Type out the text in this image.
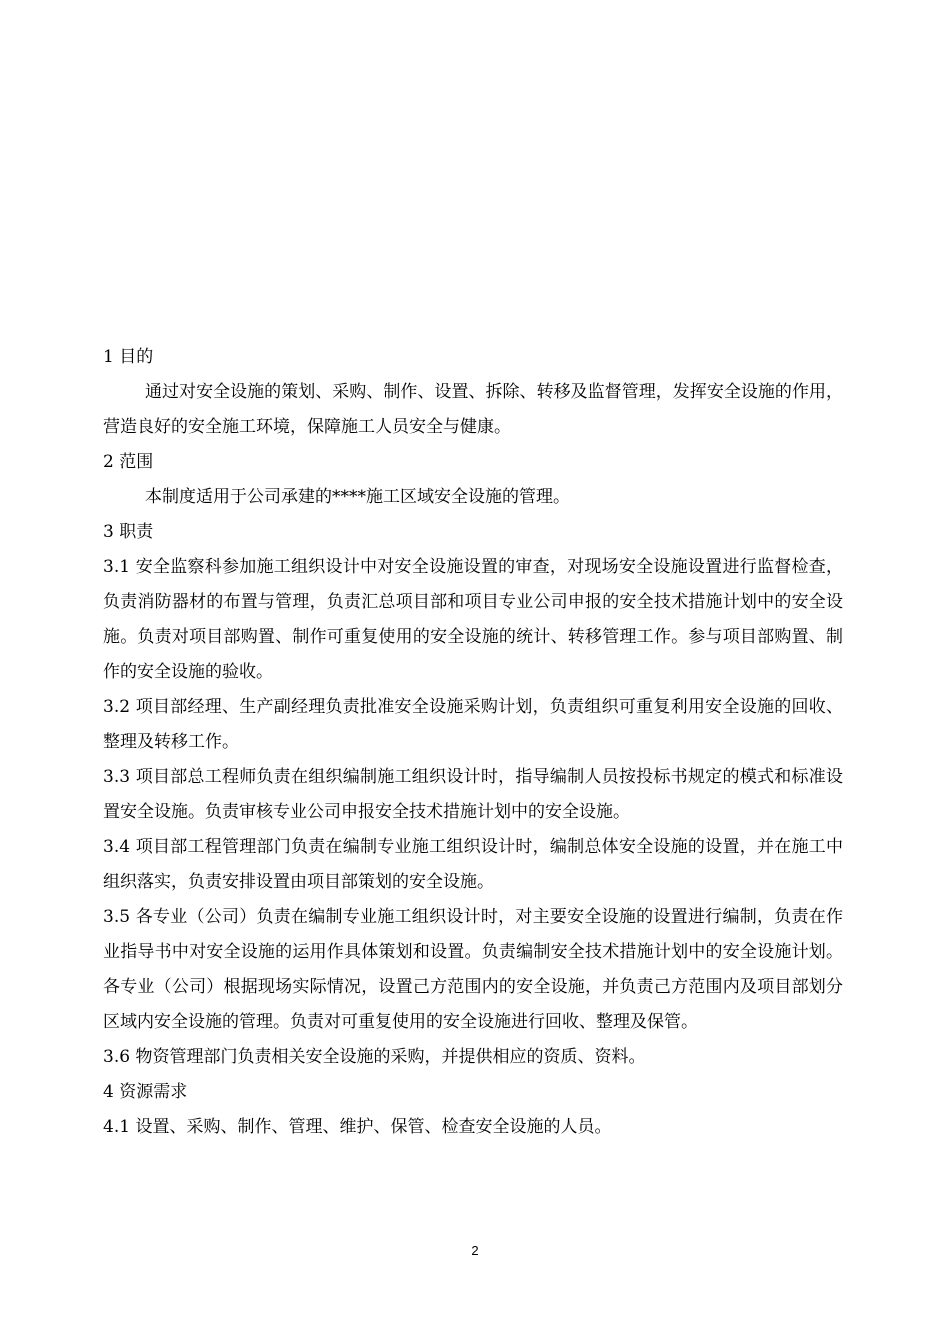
1 目的

通过对安全设施的策划、采购、制作、设置、拆除、转移及监督管理，发挥安全设施的作用，营造良好的安全施工环境，保障施工人员安全与健康。

2 范围

本制度适用于公司承建的****施工区域安全设施的管理。

3 职责

3.1 安全监察科参加施工组织设计中对安全设施设置的审查，对现场安全设施设置进行监督检查，负责消防器材的布置与管理，负责汇总项目部和项目专业公司申报的安全技术措施计划中的安全设施。负责对项目部购置、制作可重复使用的安全设施的统计、转移管理工作。参与项目部购置、制作的安全设施的验收。

3.2 项目部经理、生产副经理负责批准安全设施采购计划，负责组织可重复利用安全设施的回收、整理及转移工作。

3.3 项目部总工程师负责在组织编制施工组织设计时，指导编制人员按投标书规定的模式和标准设置安全设施。负责审核专业公司申报安全技术措施计划中的安全设施。

3.4 项目部工程管理部门负责在编制专业施工组织设计时，编制总体安全设施的设置，并在施工中组织落实，负责安排设置由项目部策划的安全设施。

3.5 各专业（公司）负责在编制专业施工组织设计时，对主要安全设施的设置进行编制，负责在作业指导书中对安全设施的运用作具体策划和设置。负责编制安全技术措施计划中的安全设施计划。各专业（公司）根据现场实际情况，设置己方范围内的安全设施，并负责己方范围内及项目部划分区域内安全设施的管理。负责对可重复使用的安全设施进行回收、整理及保管。

3.6 物资管理部门负责相关安全设施的采购，并提供相应的资质、资料。

4 资源需求

4.1 设置、采购、制作、管理、维护、保管、检查安全设施的人员。

2
